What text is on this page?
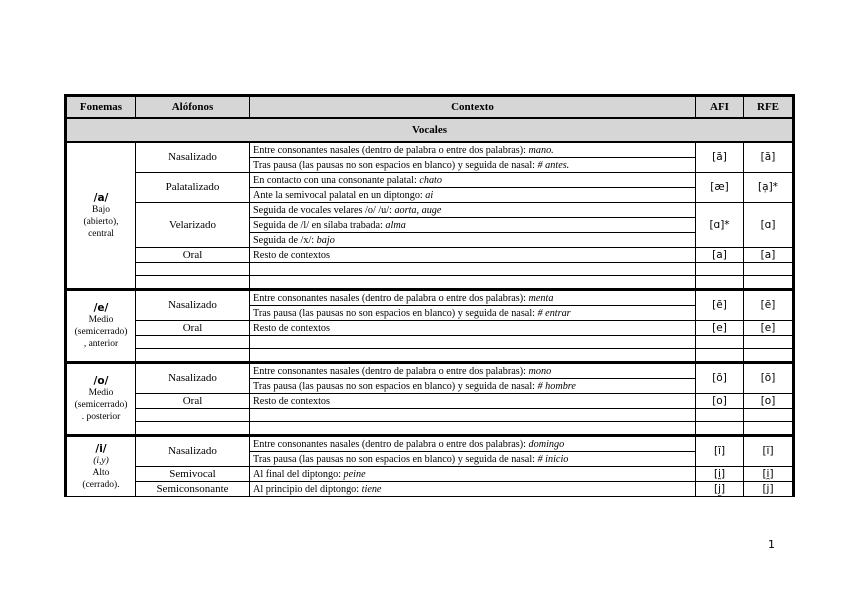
Fonemas	Alófonos	Contexto	AFI	RFE
Vocales				

/a/
Bajo
(abierto),
central	Nasalizado	Entre consonantes nasales (dentro de palabra o entre dos palabras): mano.	[ã]	[ã]
		Tras pausa (las pausas no son espacios en blanco) y seguida de nasal: # antes.		
	Palatalizado	En contacto con una consonante palatal: chato	[æ]	[a̩]*
		Ante la semivocal palatal en un diptongo: ai		
	Velarizado	Seguida de vocales velares /o/ /u/: aorta, auge	[ɑ]*	[ɑ]
		Seguida de /l/ en sílaba trabada: alma		
		Seguida de /x/: bajo		
	Oral	Resto de contextos	[a]	[a]

/e/
Medio
(semicerrado)
, anterior	Nasalizado	Entre consonantes nasales (dentro de palabra o entre dos palabras): menta	[ẽ]	[ẽ]
		Tras pausa (las pausas no son espacios en blanco) y seguida de nasal: # entrar		
	Oral	Resto de contextos	[e]	[e]

/o/
Medio
(semicerrado)
. posterior	Nasalizado	Entre consonantes nasales (dentro de palabra o entre dos palabras): mono	[õ]	[õ]
		Tras pausa (las pausas no son espacios en blanco) y seguida de nasal: # hombre		
	Oral	Resto de contextos	[o]	[o]

/i/
(i,y)
Alto
(cerrado).	Nasalizado	Entre consonantes nasales (dentro de palabra o entre dos palabras): domingo	[ĩ]	[ĩ]
		Tras pausa (las pausas no son espacios en blanco) y seguida de nasal: # inicio		
	Semivocal	Al final del diptongo: peine	[i̯]	[i̯]
	Semiconsonante	Al principio del diptongo: tiene	[j̰]	[j]
1
